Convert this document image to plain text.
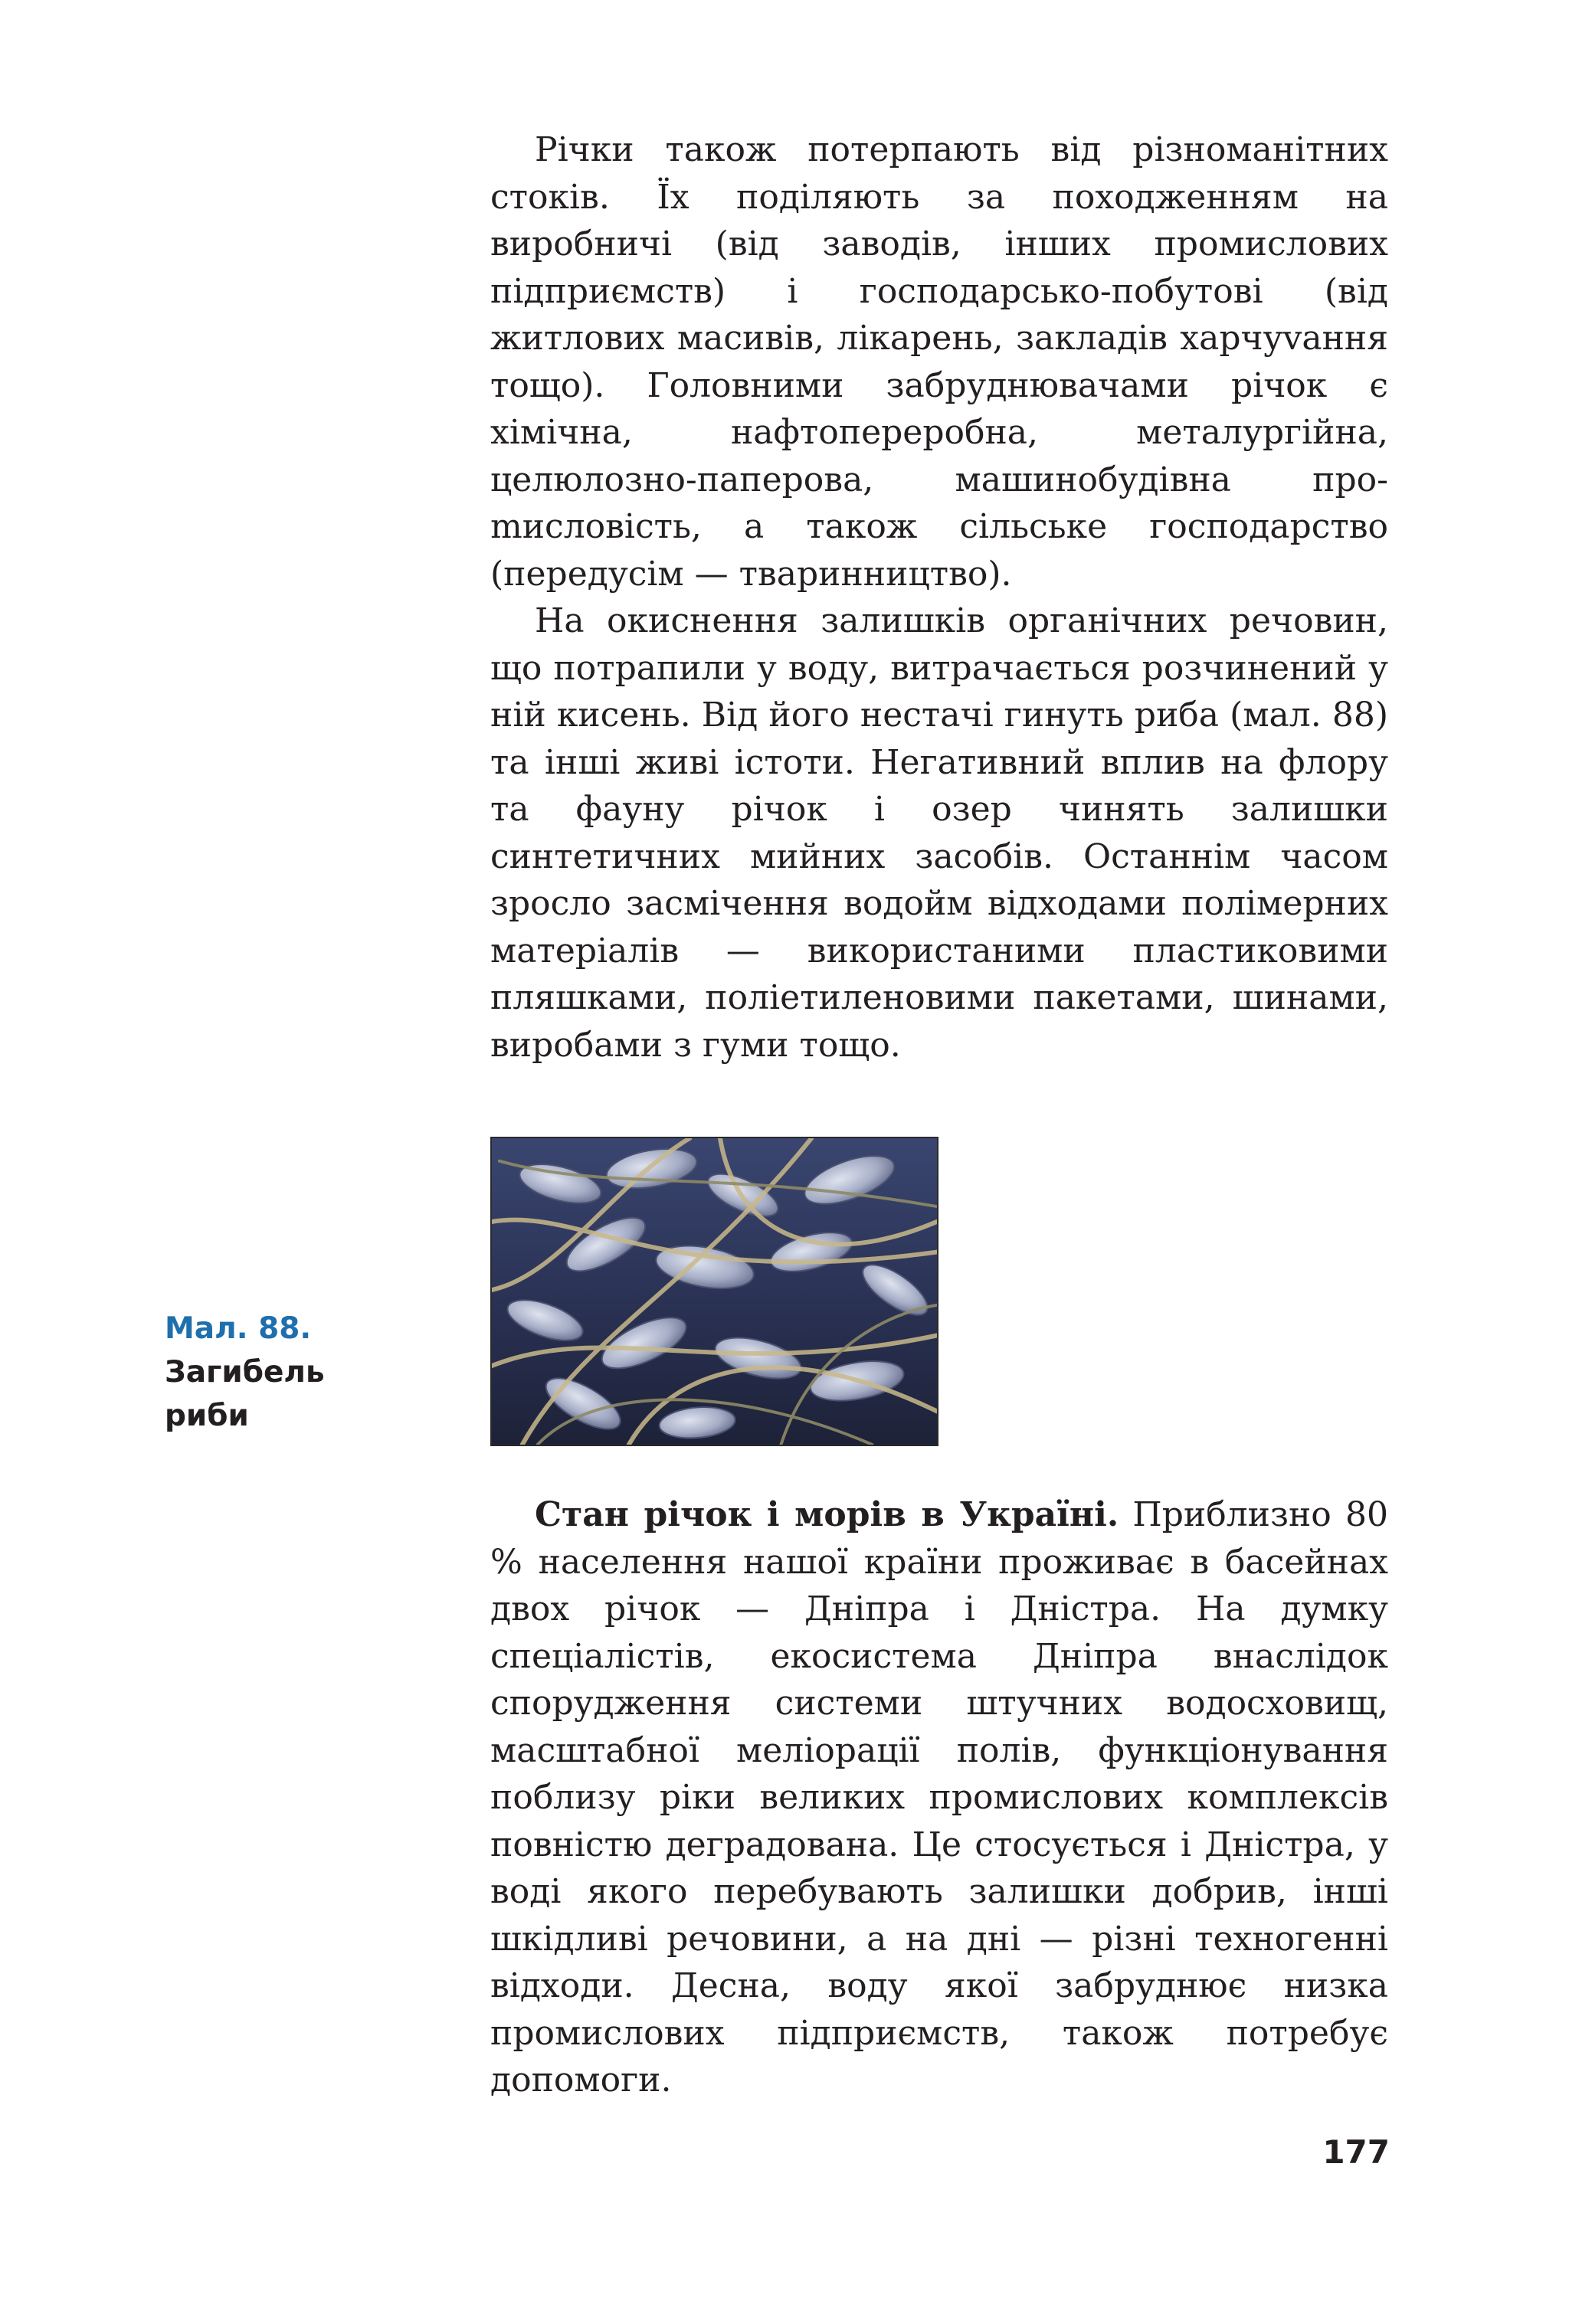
Річки також потерпають від різноманітних стоків. Їх поділяють за походженням на виробничі (від заводів, інших промислових підприємств) і господарсько-побутові (від житлових масивів, лікарень, закладів харчуvання тощо). Головними забруднювачами річок є хімічна, нафтопереробна, металургійна, целюлозно-паперова, машинобудівна проmисловість, а також сільське господарство (передусім — тваринництво).

На окиснення залишків органічних речовин, що потрапили у воду, витрачається розчинений у ній кисень. Від його нестачі гинуть риба (мал. 88) та інші живі істоти. Негативний вплив на флору та фауну річок і озер чинять залишки синтетичних мийних засобів. Останнім часом зросло засмічення водойм відходами полімерних матеріалів — використаними пластиковими пляшками, поліетиленовими пакетами, шинами, виробами з гуми тощо.

Мал. 88.
Загибель
риби

Стан річок і морів в Україні. Приблизно 80 % населення нашої країни проживає в басейнах двох річок — Дніпра і Дністра. На думку спеціалістів, екосистема Дніпра внаслідок спорудження системи штучних водосховищ, масштабної меліорації полів, функціонування поблизу ріки великих промислових комплексів повністю деградована. Це стосується і Дністра, у воді якого перебувають залишки добрив, інші шкідливі речовини, а на дні — різні техногенні відходи. Десна, воду якої забруднює низка промислових підприємств, також потребує допомоги.

177
